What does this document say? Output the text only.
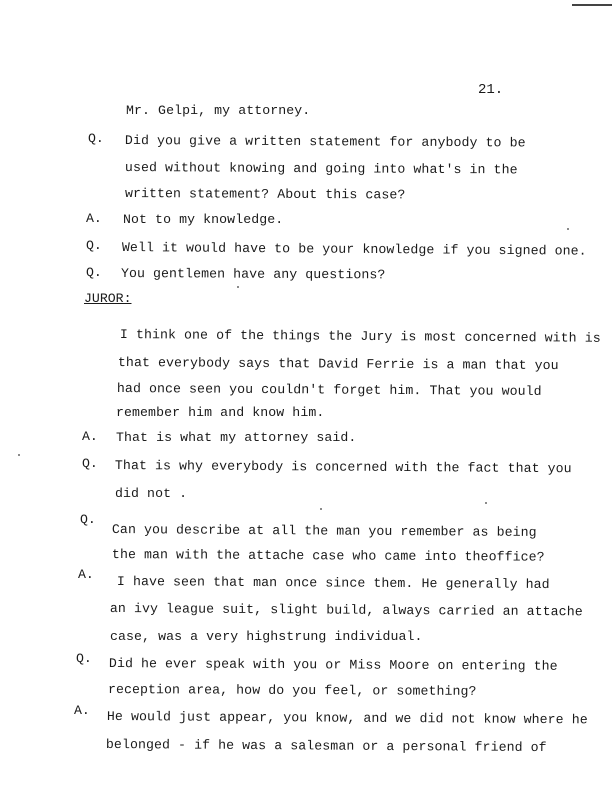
21.
Mr. Gelpi, my attorney.
Q. Did you give a written statement for anybody to be
used without knowing and going into what's in the
written statement? About this case?
A. Not to my knowledge.
Q. Well it would have to be your knowledge if you signed one.
Q. You gentlemen have any questions?
JUROR:
I think one of the things the Jury is most concerned with is
that everybody says that David Ferrie is a man that you
had once seen you couldn't forget him. That you would
remember him and know him.
A. That is what my attorney said.
Q. That is why everybody is concerned with the fact that you
did not .
Q.
Can you describe at all the man you remember as being
the man with the attache case who came into theoffice?
A. I have seen that man once since them. He generally had
an ivy league suit, slight build, always carried an attache
case, was a very highstrung individual.
Q. Did he ever speak with you or Miss Moore on entering the
reception area, how do you feel, or something?
A. He would just appear, you know, and we did not know where he
belonged - if he was a salesman or a personal friend of
